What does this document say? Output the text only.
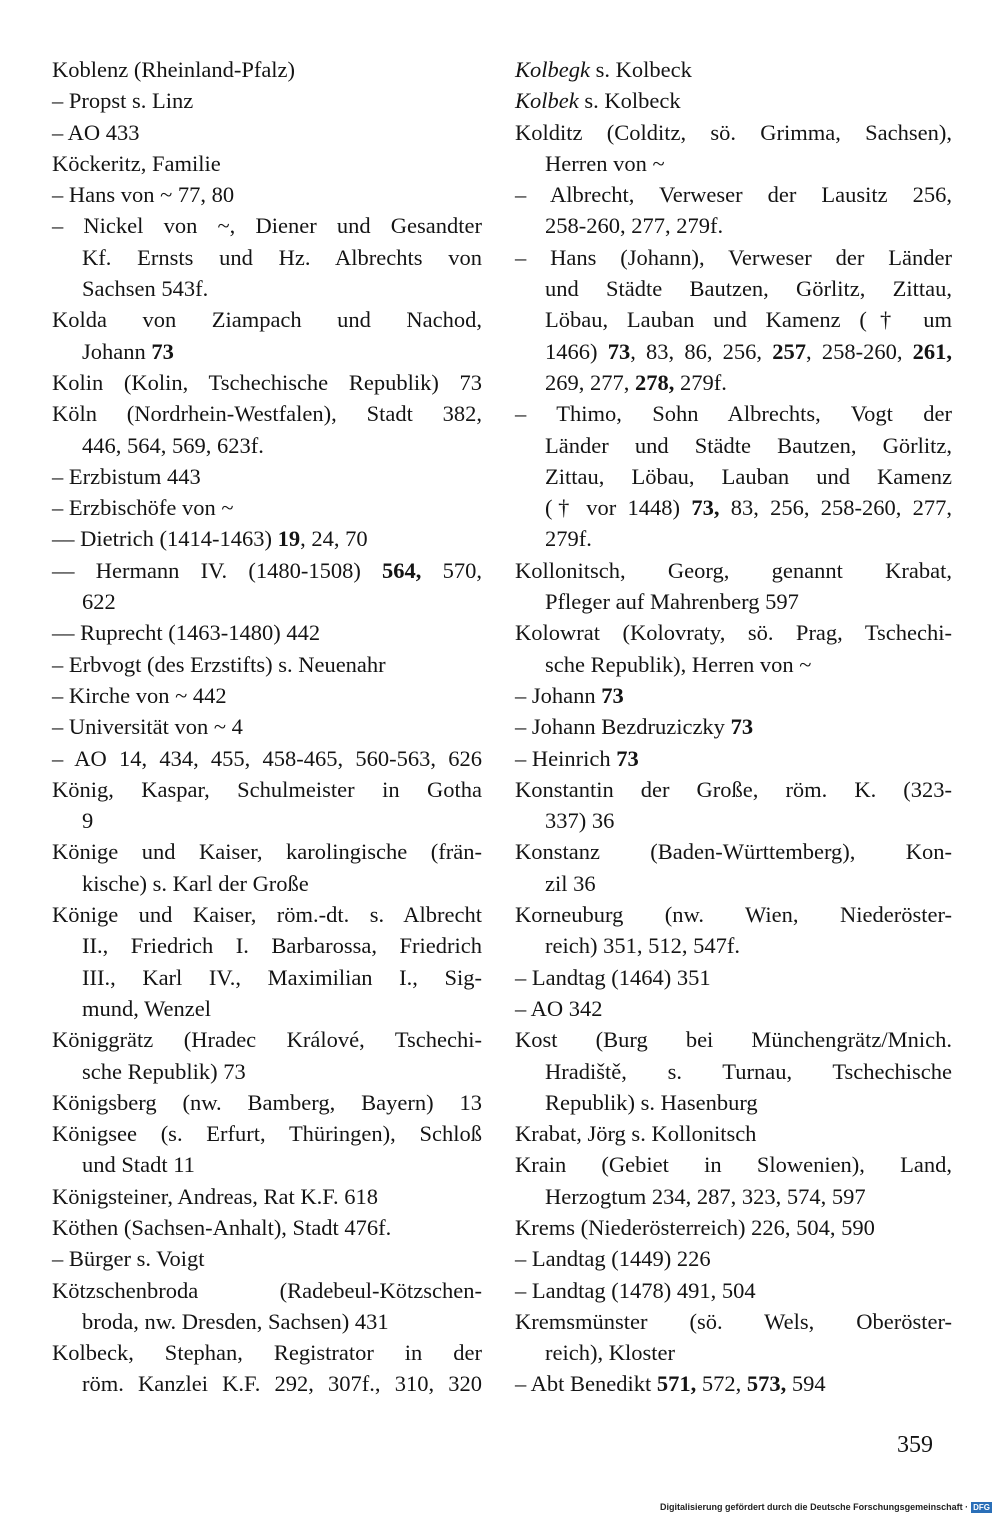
Koblenz (Rheinland-Pfalz)
– Propst s. Linz
– AO 433
Köckeritz, Familie
– Hans von ~ 77, 80
– Nickel von ~, Diener und Gesandter
Kf. Ernsts und Hz. Albrechts von
Sachsen 543f.
Kolda von Ziampach und Nachod,
Johann 73
Kolin (Kolin, Tschechische Republik) 73
Köln (Nordrhein-Westfalen), Stadt 382,
446, 564, 569, 623f.
– Erzbistum 443
– Erzbischöfe von ~
–– Dietrich (1414-1463) 19, 24, 70
–– Hermann IV. (1480-1508) 564, 570,
622
–– Ruprecht (1463-1480) 442
– Erbvogt (des Erzstifts) s. Neuenahr
– Kirche von ~ 442
– Universität von ~ 4
– AO 14, 434, 455, 458-465, 560-563, 626
König, Kaspar, Schulmeister in Gotha
9
Könige und Kaiser, karolingische (frän-
kische) s. Karl der Große
Könige und Kaiser, röm.-dt. s. Albrecht
II., Friedrich I. Barbarossa, Friedrich
III., Karl IV., Maximilian I., Sig-
mund, Wenzel
Königgrätz (Hradec Králové, Tschechi-
sche Republik) 73
Königsberg (nw. Bamberg, Bayern) 13
Königsee (s. Erfurt, Thüringen), Schloß
und Stadt 11
Königsteiner, Andreas, Rat K.F. 618
Köthen (Sachsen-Anhalt), Stadt 476f.
– Bürger s. Voigt
Kötzschenbroda (Radebeul-Kötzschen-
broda, nw. Dresden, Sachsen) 431
Kolbeck, Stephan, Registrator in der
röm. Kanzlei K.F. 292, 307f., 310, 320
Kolbegk s. Kolbeck
Kolbek s. Kolbeck
Kolditz (Colditz, sö. Grimma, Sachsen),
Herren von ~
– Albrecht, Verweser der Lausitz 256,
258-260, 277, 279f.
– Hans (Johann), Verweser der Länder
und Städte Bautzen, Görlitz, Zittau,
Löbau, Lauban und Kamenz († um
1466) 73, 83, 86, 256, 257, 258-260, 261,
269, 277, 278, 279f.
– Thimo, Sohn Albrechts, Vogt der
Länder und Städte Bautzen, Görlitz,
Zittau, Löbau, Lauban und Kamenz
(† vor 1448) 73, 83, 256, 258-260, 277,
279f.
Kollonitsch, Georg, genannt Krabat,
Pfleger auf Mahrenberg 597
Kolowrat (Kolovraty, sö. Prag, Tschechi-
sche Republik), Herren von ~
– Johann 73
– Johann Bezdruziczky 73
– Heinrich 73
Konstantin der Große, röm. K. (323-
337) 36
Konstanz (Baden-Württemberg), Kon-
zil 36
Korneuburg (nw. Wien, Niederöster-
reich) 351, 512, 547f.
– Landtag (1464) 351
– AO 342
Kost (Burg bei Münchengrätz/Mnich.
Hradiště, s. Turnau, Tschechische
Republik) s. Hasenburg
Krabat, Jörg s. Kollonitsch
Krain (Gebiet in Slowenien), Land,
Herzogtum 234, 287, 323, 574, 597
Krems (Niederösterreich) 226, 504, 590
– Landtag (1449) 226
– Landtag (1478) 491, 504
Kremsmünster (sö. Wels, Oberöster-
reich), Kloster
– Abt Benedikt 571, 572, 573, 594
359
Digitalisierung gefördert durch die Deutsche Forschungsgemeinschaft · DFG
